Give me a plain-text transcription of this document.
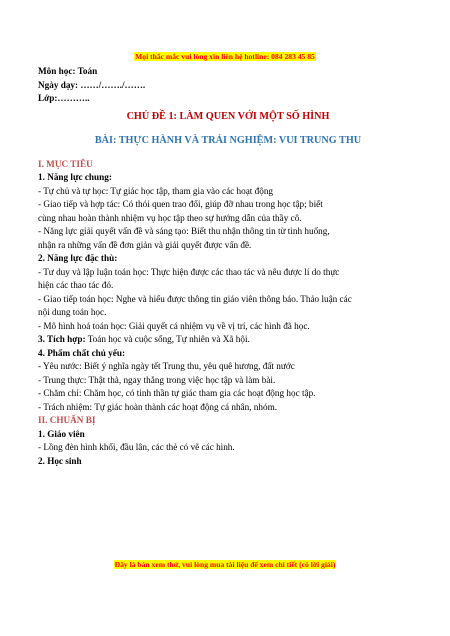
Mọi thắc mắc vui lòng xin liên hệ hotline: 084 283 45 85

Môn học: Toán

Ngày dạy: ……/……./…….

Lớp:………..

CHỦ ĐỀ 1: LÀM QUEN VỚI MỘT SỐ HÌNH

BÀI: THỰC HÀNH VÀ TRẢI NGHIỆM: VUI TRUNG THU

I. MỤC TIÊU

1. Năng lực chung:

- Tự chủ và tự học: Tự giác học tập, tham gia vào các hoạt động

- Giao tiếp và hợp tác: Có thói quen trao đổi, giúp đỡ nhau trong học tập; biết

cùng nhau hoàn thành nhiệm vụ học tập theo sự hướng dẫn của thầy cô.

- Năng lực giải quyết vấn đề và sáng tạo: Biết thu nhận thông tin từ tình huống,

nhận ra những vấn đề đơn giản và giải quyết được vấn đề.

2. Năng lực đặc thù:

- Tư duy và lập luận toán học: Thực hiện được các thao tác và nêu được lí do thực

hiện các thao tác đó.

- Giao tiếp toán học: Nghe và hiểu được thông tin giáo viên thông báo. Thảo luận các

nội dung toán học.

- Mô hình hoá toán học: Giải quyết cá nhiệm vụ về vị trí, các hình đã học.

3. Tích hợp: Toán học và cuộc sống, Tự nhiên và Xã hội.

4. Phẩm chất chủ yếu:

- Yêu nước: Biết ý nghĩa ngày tết Trung thu, yêu quê hương, đất nước

- Trung thực: Thật thà, ngay thẳng trong việc học tập và làm bài.

- Chăm chỉ: Chăm học, có tinh thần tự giác tham gia các hoạt động học tập.

- Trách nhiệm: Tự giác hoàn thành các hoạt động cá nhân, nhóm.

II. CHUẨN BỊ

1. Giáo viên

- Lồng đèn hình khối, đầu lân, các thẻ có vẽ các hình.

2. Học sinh

Đây là bản xem thử, vui lòng mua tài liệu để xem chi tiết (có lời giải)
